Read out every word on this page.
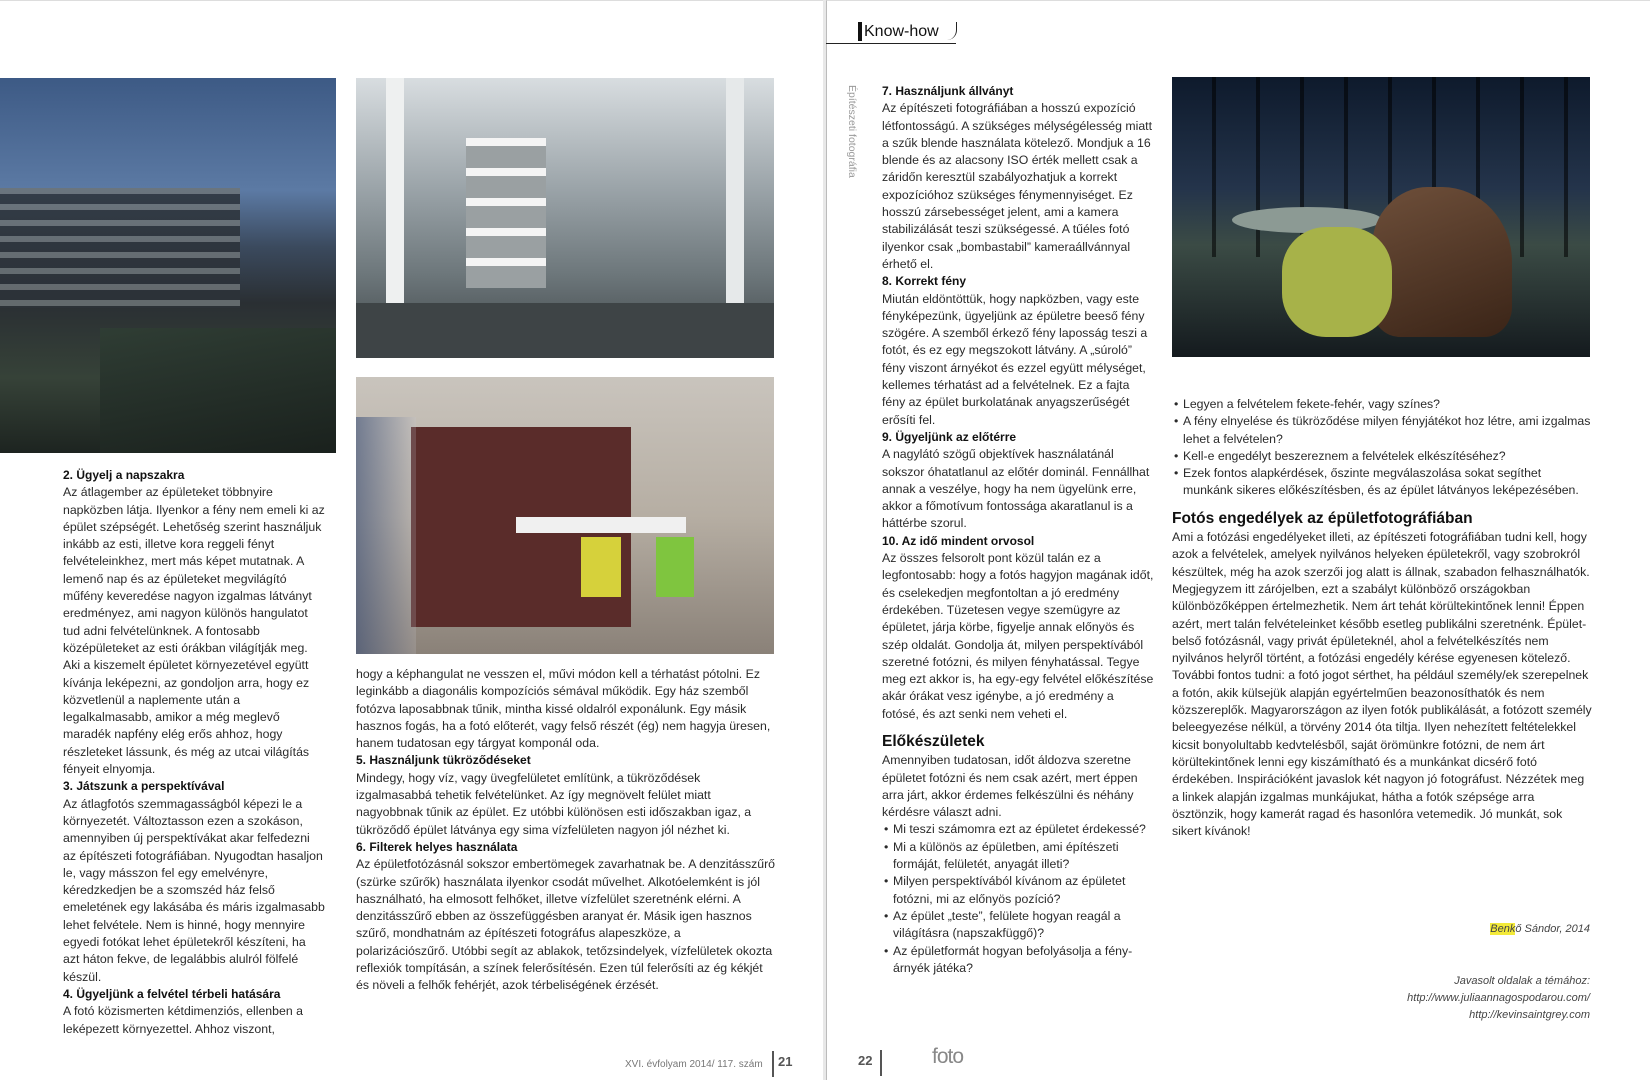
2. Ügyelj a napszakra
Az átlagember az épületeket többnyire napközben látja. Ilyenkor a fény nem emeli ki az épület szépségét. Lehetőség szerint használjuk inkább az esti, illetve kora reggeli fényt felvételeinkhez, mert más képet mutatnak. A lemenő nap és az épületeket megvilágító műfény keveredése nagyon izgalmas látványt eredményez, ami nagyon különös hangulatot tud adni felvételünknek. A fontosabb középületeket az esti órákban világítják meg. Aki a kiszemelt épületet környezetével együtt kívánja leképezni, az gondoljon arra, hogy ez közvetlenül a naplemente után a legalkalmasabb, amikor a még meglevő maradék napfény elég erős ahhoz, hogy részleteket lássunk, és még az utcai világítás fényeit elnyomja.
3. Játszunk a perspektívával
Az átlagfotós szemmagasságból képezi le a környezetét. Változtasson ezen a szokáson, amennyiben új perspektívákat akar felfedezni az építészeti fotográfiában. Nyugodtan hasaljon le, vagy másszon fel egy emelvényre, kéredzkedjen be a szomszéd ház felső emeletének egy lakásába és máris izgalmasabb lehet felvétele. Nem is hinné, hogy mennyire egyedi fotókat lehet épületekről készíteni, ha azt háton fekve, de legalábbis alulról fölfelé készül.
4. Ügyeljünk a felvétel térbeli hatására
A fotó közismerten kétdimenziós, ellenben a leképezett környezettel. Ahhoz viszont,
hogy a képhangulat ne vesszen el, művi módon kell a térhatást pótolni. Ez leginkább a diagonális kompozíciós sémával működik. Egy ház szemből fotózva laposabbnak tűnik, mintha kissé oldalról exponálunk. Egy másik hasznos fogás, ha a fotó előterét, vagy felső részét (ég) nem hagyja üresen, hanem tudatosan egy tárgyat komponál oda.
5. Használjunk tükröződéseket
Mindegy, hogy víz, vagy üvegfelületet említünk, a tükröződések izgalmasabbá tehetik felvételünket. Az így megnövelt felület miatt nagyobbnak tűnik az épület. Ez utóbbi különösen esti időszakban igaz, a tükröződő épület látványa egy sima vízfelületen nagyon jól nézhet ki.
6. Filterek helyes használata
Az épületfotózásnál sokszor embertömegek zavarhatnak be. A denzitásszűrő (szürke szűrők) használata ilyenkor csodát művelhet. Alkotóelemként is jól használható, ha elmosott felhőket, illetve vízfelület szeretnénk elérni. A denzitásszűrő ebben az összefüggésben aranyat ér. Másik igen hasznos szűrő, mondhatnám az építészeti fotográfus alapeszköze, a polarizációszűrő. Utóbbi segít az ablakok, tetőzsindelyek, vízfelületek okozta reflexiók tompításán, a színek felerősítésén. Ezen túl felerősíti az ég kékjét és növeli a felhők fehérjét, azok térbeliségének érzését.
XVI. évfolyam 2014/ 117. szám 21
Know-how
Építészeti fotográfia 7. Használjunk állványt
Az építészeti fotográfiában a hosszú expozíció létfontosságú. A szükséges mélységélesség miatt a szűk blende használata kötelező. Mondjuk a 16 blende és az alacsony ISO érték mellett csak a záridőn keresztül szabályozhatjuk a korrekt expozícióhoz szükséges fénymennyiséget. Ez hosszú zársebességet jelent, ami a kamera stabilizálását teszi szükségessé. A tűéles fotó ilyenkor csak „bombastabil” kameraállvánnyal érhető el.
8. Korrekt fény
Miután eldöntöttük, hogy napközben, vagy este fényképezünk, ügyeljünk az épületre beeső fény szögére. A szemből érkező fény laposság teszi a fotót, és ez egy megszokott látvány. A „súroló” fény viszont árnyékot és ezzel együtt mélységet, kellemes térhatást ad a felvételnek. Ez a fajta fény az épület burkolatának anyagszerűségét erősíti fel.
9. Ügyeljünk az előtérre
A nagylátó szögű objektívek használatánál sokszor óhatatlanul az előtér dominál. Fennállhat annak a veszélye, hogy ha nem ügyelünk erre, akkor a főmotívum fontossága akaratlanul is a háttérbe szorul.
10. Az idő mindent orvosol
Az összes felsorolt pont közül talán ez a legfontosabb: hogy a fotós hagyjon magának időt, és cselekedjen megfontoltan a jó eredmény érdekében. Tüzetesen vegye szemügyre az épületet, járja körbe, figyelje annak előnyös és szép oldalát. Gondolja át, milyen perspektívából szeretné fotózni, és milyen fényhatással. Tegye meg ezt akkor is, ha egy-egy felvétel előkészítése akár órákat vesz igénybe, a jó eredmény a fotósé, és azt senki nem veheti el.
Előkészületek
Amennyiben tudatosan, időt áldozva szeretne épületet fotózni és nem csak azért, mert éppen arra járt, akkor érdemes felkészülni és néhány kérdésre választ adni.
• Mi teszi számomra ezt az épületet érdekessé?
• Mi a különös az épületben, ami építészeti formáját, felületét, anyagát illeti?
• Milyen perspektívából kívánom az épületet fotózni, mi az előnyös pozíció?
• Az épület „teste”, felülete hogyan reagál a világításra (napszakfüggő)?
• Az épületformát hogyan befolyásolja a fény-árnyék játéka?
• Legyen a felvételem fekete-fehér, vagy színes?
• A fény elnyelése és tükröződése milyen fényjátékot hoz létre, ami izgalmas lehet a felvételen?
• Kell-e engedélyt beszereznem a felvételek elkészítéséhez?
• Ezek fontos alapkérdések, őszinte megválaszolása sokat segíthet munkánk sikeres előkészítésben, és az épület látványos leképezésében.
Fotós engedélyek az épületfotográfiában
Ami a fotózási engedélyeket illeti, az építészeti fotográfiában tudni kell, hogy azok a felvételek, amelyek nyilvános helyeken épületekről, vagy szobrokról készültek, még ha azok szerzői jog alatt is állnak, szabadon felhasználhatók. Megjegyzem itt zárójelben, ezt a szabályt különböző országokban különbözőképpen értelmezhetik. Nem árt tehát körültekintőnek lenni! Éppen azért, mert talán felvételeinket később esetleg publikálni szeretnénk. Épület-belső fotózásnál, vagy privát épületeknél, ahol a felvételkészítés nem nyilvános helyről történt, a fotózási engedély kérése egyenesen kötelező. További fontos tudni: a fotó jogot sérthet, ha például személy/ek szerepelnek a fotón, akik külsejük alapján egyértelműen beazonosíthatók és nem közszereplők. Magyarországon az ilyen fotók publikálását, a fotózott személy beleegyezése nélkül, a törvény 2014 óta tiltja. Ilyen nehezített feltételekkel kicsit bonyolultabb kedvtelésből, saját örömünkre fotózni, de nem árt körültekintőnek lenni egy kiszámítható és a munkánkat dicsérő fotó érdekében. Inspirációként javaslok két nagyon jó fotográfust. Nézzétek meg a linkek alapján izgalmas munkájukat, hátha a fotók szépsége arra ösztönzik, hogy kamerát ragad és hasonlóra vetemedik. Jó munkát, sok sikert kívánok!
Benkő Sándor, 2014
Javasolt oldalak a témához:
http://www.juliaannagospodarou.com/
http://kevinsaintgrey.com
22	foto
